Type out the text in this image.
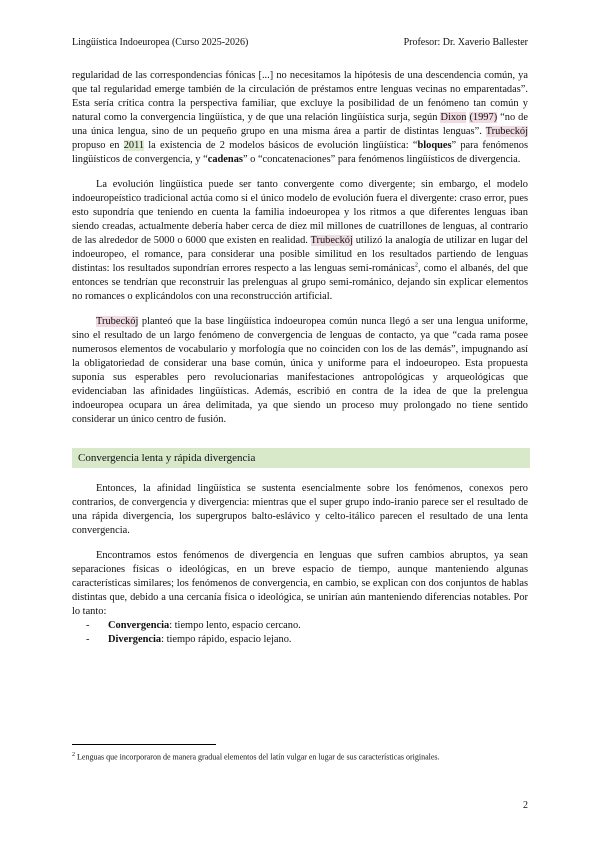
Lingüística Indoeuropea (Curso 2025-2026)	Profesor: Dr. Xaverio Ballester

regularidad de las correspondencias fónicas [...] no necesitamos la hipótesis de una descendencia común, ya que tal regularidad emerge también de la circulación de préstamos entre lenguas vecinas no emparentadas”. Esta sería crítica contra la perspectiva familiar, que excluye la posibilidad de un fenómeno tan común y natural como la convergencia lingüística, y de que una relación lingüística surja, según Dixon (1997) “no de una única lengua, sino de un pequeño grupo en una misma área a partir de distintas lenguas”. Trubeckój propuso en 2011 la existencia de 2 modelos básicos de evolución lingüística: “bloques” para fenómenos lingüísticos de convergencia, y “cadenas” o “concatenaciones” para fenómenos lingüísticos de divergencia.

La evolución lingüística puede ser tanto convergente como divergente; sin embargo, el modelo indoeuropeístico tradicional actúa como si el único modelo de evolución fuera el divergente: craso error, pues esto supondría que teniendo en cuenta la familia indoeuropea y los ritmos a que diferentes lenguas iban siendo creadas, actualmente debería haber cerca de diez mil millones de cuatrillones de lenguas, al contrario de las alrededor de 5000 o 6000 que existen en realidad. Trubeckój utilizó la analogía de utilizar en lugar del indoeuropeo, el romance, para considerar una posible similitud en los resultados partiendo de lenguas distintas: los resultados supondrían errores respecto a las lenguas semi-románicas$^2$, como el albanés, del que entonces se tendrían que reconstruir las prelenguas al grupo semi-románico, dejando sin explicar elementos no romances o explicándolos con una reconstrucción artificial.

Trubeckój planteó que la base lingüística indoeuropea común nunca llegó a ser una lengua uniforme, sino el resultado de un largo fenómeno de convergencia de lenguas de contacto, ya que “cada rama posee numerosos elementos de vocabulario y morfología que no coinciden con los de las demás”, impugnando así la obligatoriedad de considerar una base común, única y uniforme para el indoeuropeo. Esta propuesta suponía sus esperables pero revolucionarias manifestaciones antropológicas y arqueológicas que evidenciaban las afinidades lingüísticas. Además, escribió en contra de la idea de que la prelengua indoeuropea ocupara un área delimitada, ya que siendo un proceso muy prolongado no tiene sentido considerar un único centro de fusión.

Convergencia lenta y rápida divergencia

Entonces, la afinidad lingüística se sustenta esencialmente sobre los fenómenos, conexos pero contrarios, de convergencia y divergencia: mientras que el super grupo indo-iranio parece ser el resultado de una rápida divergencia, los supergrupos balto-eslávico y celto-itálico parecen el resultado de una lenta convergencia.

Encontramos estos fenómenos de divergencia en lenguas que sufren cambios abruptos, ya sean separaciones físicas o ideológicas, en un breve espacio de tiempo, aunque manteniendo algunas características similares; los fenómenos de convergencia, en cambio, se explican con dos conjuntos de hablas distintas que, debido a una cercanía física o ideológica, se unirían aún manteniendo diferencias notables. Por lo tanto:

- Convergencia: tiempo lento, espacio cercano.
- Divergencia: tiempo rápido, espacio lejano.
$^2$ Lenguas que incorporaron de manera gradual elementos del latín vulgar en lugar de sus características originales.
2
